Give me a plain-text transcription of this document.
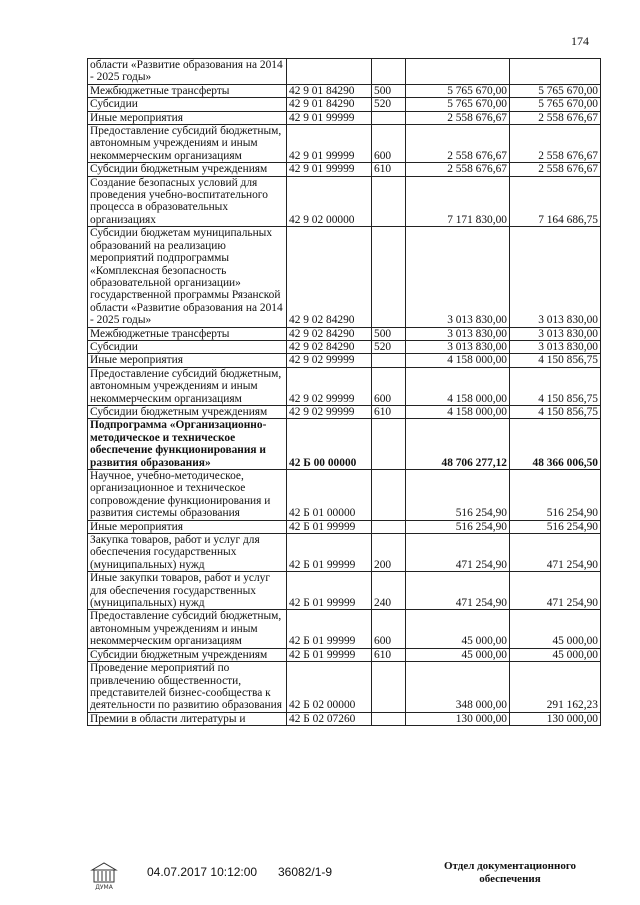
174
области «Развитие образования на 2014 - 2025 годы»				
Межбюджетные трансферты	42 9 01 84290	500	5 765 670,00	5 765 670,00
Субсидии	42 9 01 84290	520	5 765 670,00	5 765 670,00
Иные мероприятия	42 9 01 99999		2 558 676,67	2 558 676,67
Предоставление субсидий бюджетным, автономным учреждениям и иным некоммерческим организациям	42 9 01 99999	600	2 558 676,67	2 558 676,67
Субсидии бюджетным учреждениям	42 9 01 99999	610	2 558 676,67	2 558 676,67
Создание безопасных условий для проведения учебно-воспитательного процесса в образовательных организациях	42 9 02 00000		7 171 830,00	7 164 686,75
Субсидии бюджетам муниципальных образований на реализацию мероприятий подпрограммы «Комплексная безопасность образовательной организации» государственной программы Рязанской области «Развитие образования на 2014 - 2025 годы»	42 9 02 84290		3 013 830,00	3 013 830,00
Межбюджетные трансферты	42 9 02 84290	500	3 013 830,00	3 013 830,00
Субсидии	42 9 02 84290	520	3 013 830,00	3 013 830,00
Иные мероприятия	42 9 02 99999		4 158 000,00	4 150 856,75
Предоставление субсидий бюджетным, автономным учреждениям и иным некоммерческим организациям	42 9 02 99999	600	4 158 000,00	4 150 856,75
Субсидии бюджетным учреждениям	42 9 02 99999	610	4 158 000,00	4 150 856,75
Подпрограмма «Организационно-методическое и техническое обеспечение функционирования и развития образования»	42 Б 00 00000		48 706 277,12	48 366 006,50
Научное, учебно-методическое, организационное и техническое сопровождение функционирования и развития системы образования	42 Б 01 00000		516 254,90	516 254,90
Иные мероприятия	42 Б 01 99999		516 254,90	516 254,90
Закупка товаров, работ и услуг для обеспечения государственных (муниципальных) нужд	42 Б 01 99999	200	471 254,90	471 254,90
Иные закупки товаров, работ и услуг для обеспечения государственных (муниципальных) нужд	42 Б 01 99999	240	471 254,90	471 254,90
Предоставление субсидий бюджетным, автономным учреждениям и иным некоммерческим организациям	42 Б 01 99999	600	45 000,00	45 000,00
Субсидии бюджетным учреждениям	42 Б 01 99999	610	45 000,00	45 000,00
Проведение мероприятий по привлечению общественности, представителей бизнес-сообщества к деятельности по развитию образования	42 Б 02 00000		348 000,00	291 162,23
Премии в области литературы и	42 Б 02 07260		130 000,00	130 000,00
ДУМА
04.07.2017 10:12:00 36082/1-9	Отдел документационного обеспечения
